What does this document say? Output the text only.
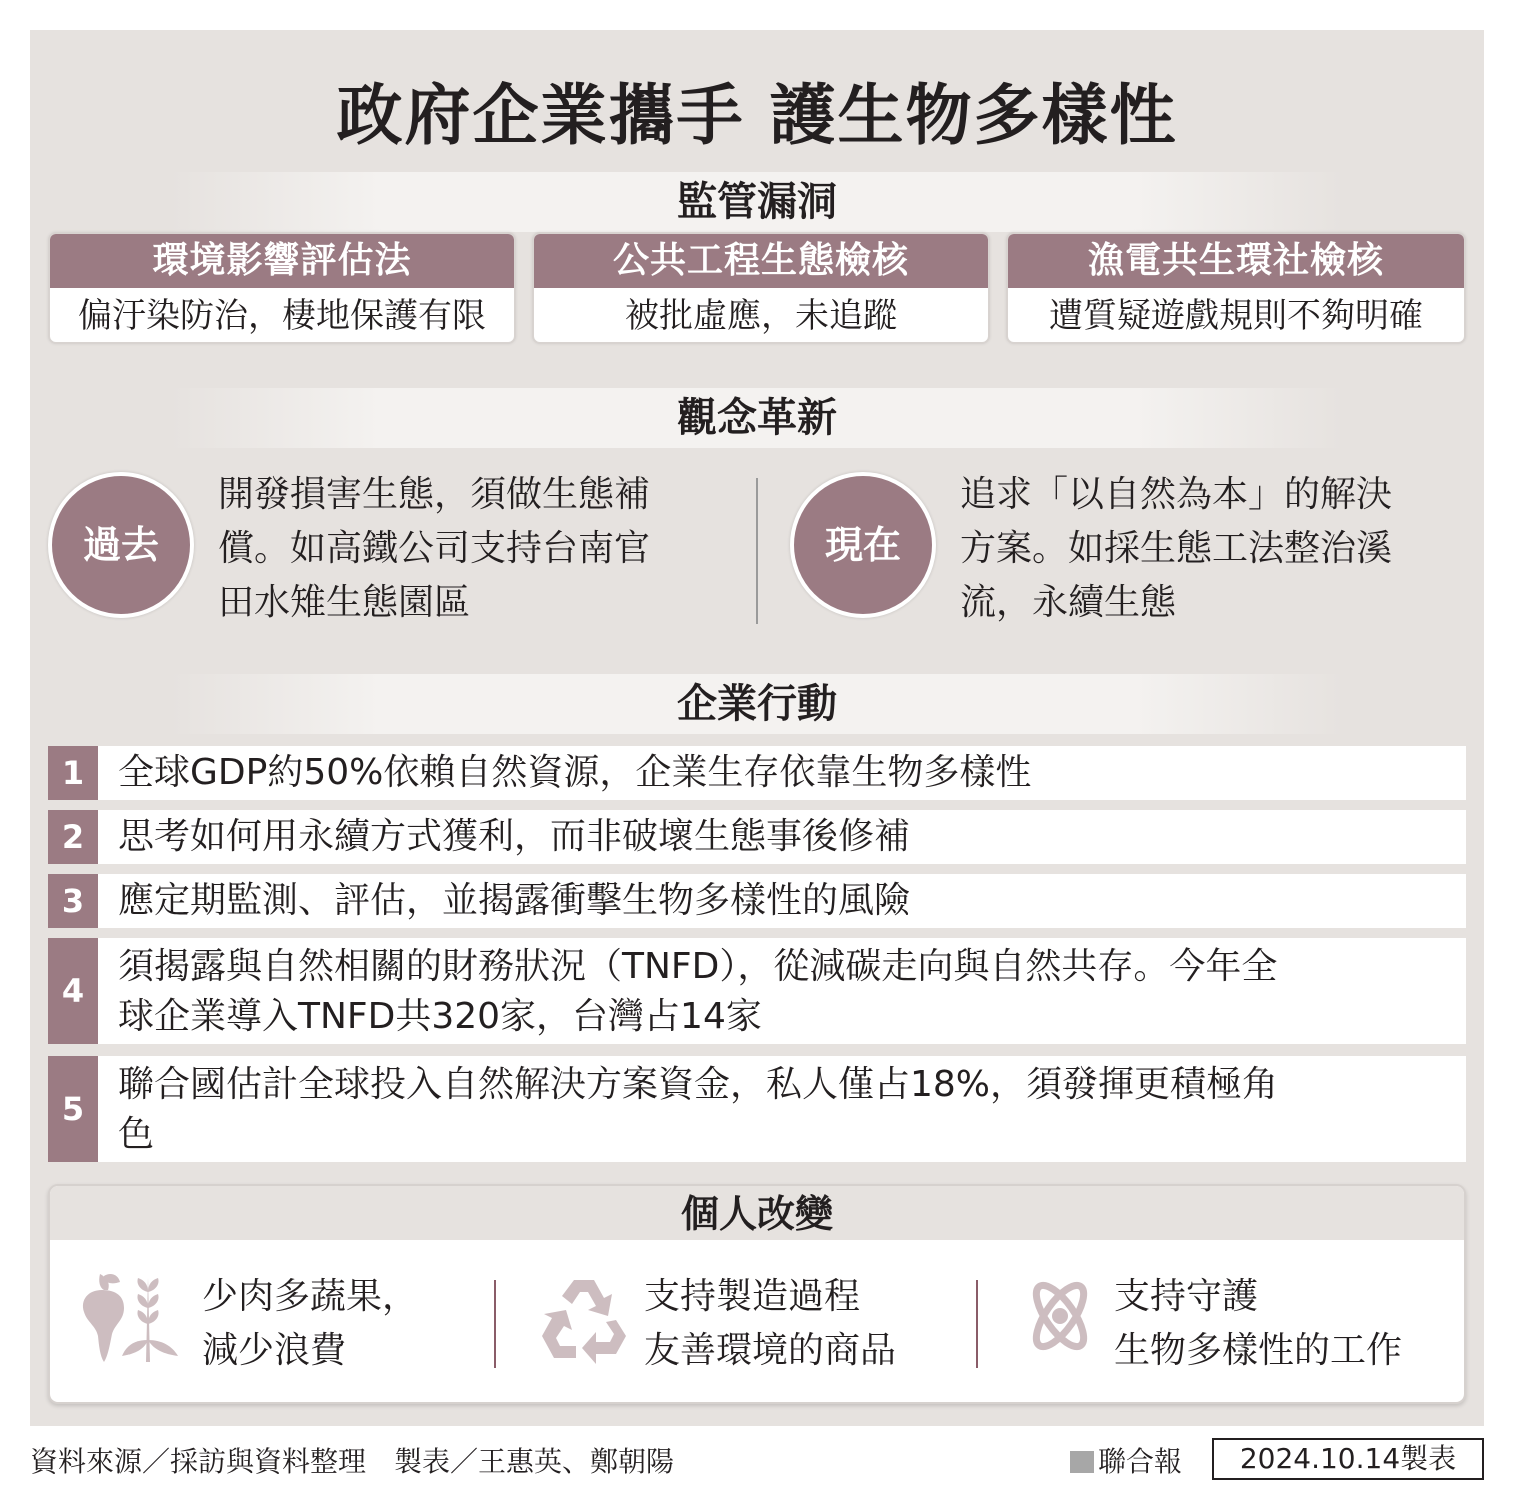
政府企業攜手 護生物多樣性
監管漏洞
環境影響評估法
偏汙染防治，棲地保護有限
公共工程生態檢核
被批虛應，未追蹤
漁電共生環社檢核
遭質疑遊戲規則不夠明確
觀念革新
過去
開發損害生態，須做生態補
償。如高鐵公司支持台南官
田水雉生態園區
現在
追求「以自然為本」的解決
方案。如採生態工法整治溪
流，永續生態
企業行動
1 全球GDP約50%依賴自然資源，企業生存依靠生物多樣性
2 思考如何用永續方式獲利，而非破壞生態事後修補
3 應定期監測、評估，並揭露衝擊生物多樣性的風險
4
須揭露與自然相關的財務狀況（TNFD），從減碳走向與自然共存。今年全
球企業導入TNFD共320家，台灣占14家
5
聯合國估計全球投入自然解決方案資金，私人僅占18%，須發揮更積極角
色
個人改變
少肉多蔬果，
減少浪費
支持製造過程
友善環境的商品
支持守護
生物多樣性的工作
資料來源／採訪與資料整理　製表／王惠英、鄭朝陽	聯合報	2024.10.14製表
